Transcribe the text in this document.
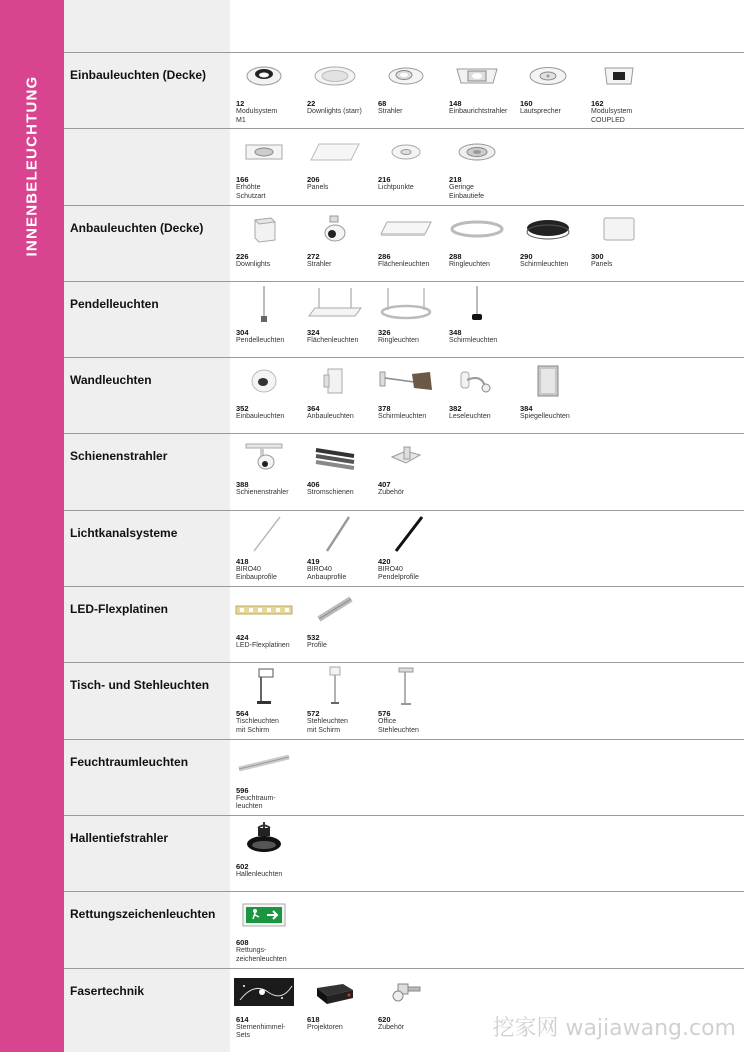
INNENBELEUCHTUNG
Einbauleuchten (Decke)
12
Modulsystem
M1
22
Downlights (starr)
68
Strahler
148
Einbaurichtstrahler
160
Lautsprecher
162
Modulsystem
COUPLED
166
Erhöhte
Schutzart
206
Panels
216
Lichtpunkte
218
Geringe
Einbautiefe
Anbauleuchten (Decke)
226
Downlights
272
Strahler
286
Flächenleuchten
288
Ringleuchten
290
Schirmleuchten
300
Panels
Pendelleuchten
304
Pendelleuchten
324
Flächenleuchten
326
Ringleuchten
348
Schirmleuchten
Wandleuchten
352
Einbauleuchten
364
Anbauleuchten
378
Schirmleuchten
382
Leseleuchten
384
Spiegelleuchten
Schienenstrahler
388
Schienenstrahler
406
Stromschienen
407
Zubehör
Lichtkanalsysteme
418
BIRO40
Einbauprofile
419
BIRO40
Anbauprofile
420
BIRO40
Pendelprofile
LED-Flexplatinen
424
LED-Flexplatinen
532
Profile
Tisch- und Stehleuchten
564
Tischleuchten
mit Schirm
572
Stehleuchten
mit Schirm
576
Office
Stehleuchten
Feuchtraumleuchten
596
Feuchtraum-
leuchten
Hallentiefstrahler
602
Hallenleuchten
Rettungszeichenleuchten
608
Rettungs-
zeichenleuchten
Fasertechnik
614
Sternenhimmel-
Sets
618
Projektoren
620
Zubehör	挖家网 wajiawang.com
